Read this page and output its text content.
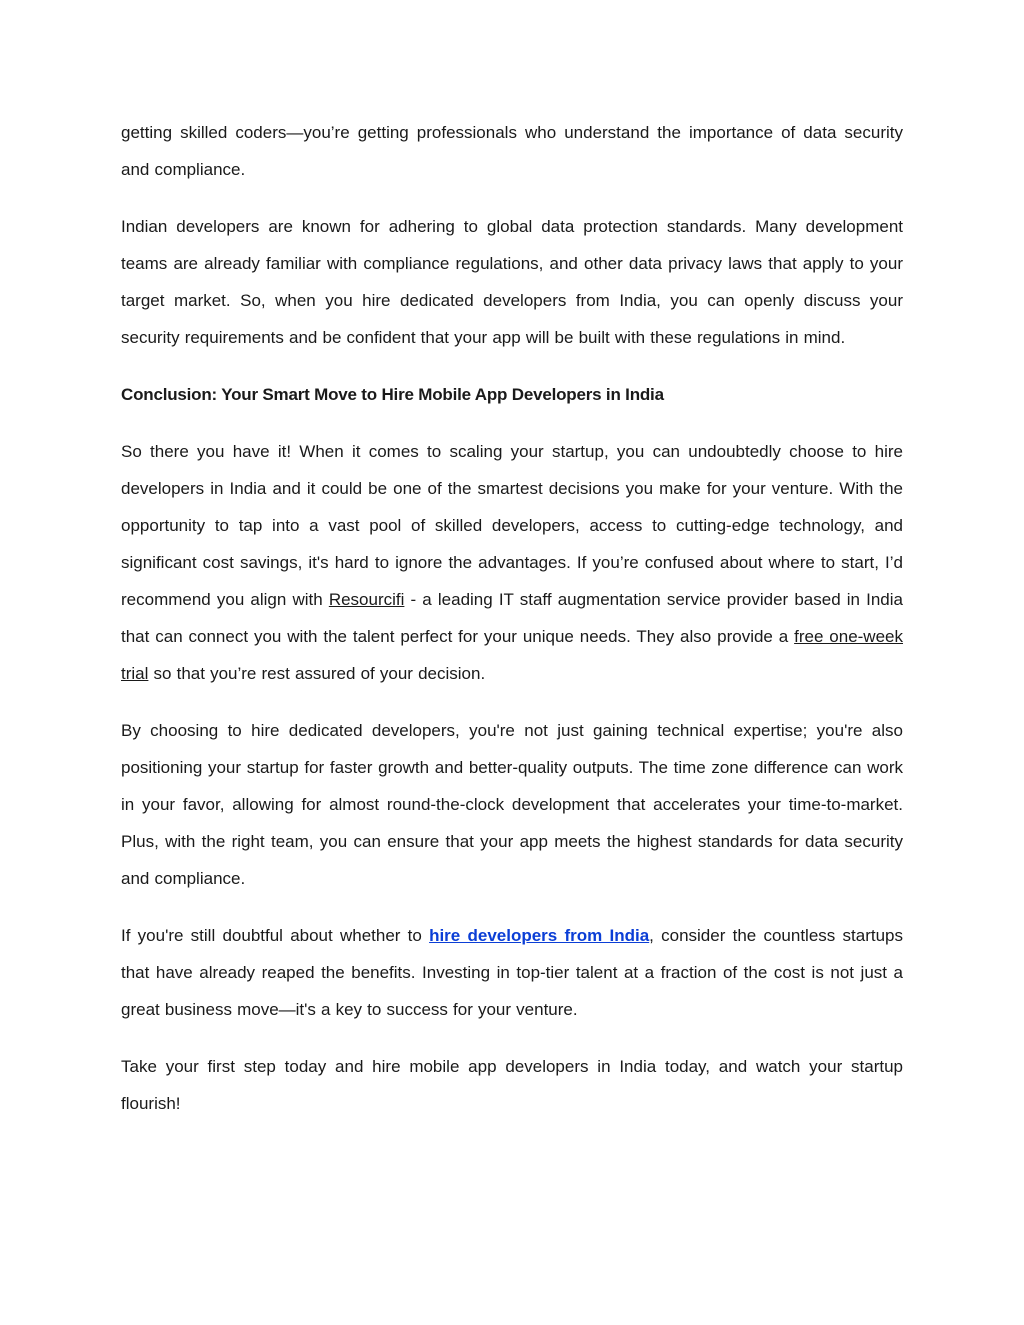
getting skilled coders—you’re getting professionals who understand the importance of data security and compliance.

Indian developers are known for adhering to global data protection standards. Many development teams are already familiar with compliance regulations, and other data privacy laws that apply to your target market. So, when you hire dedicated developers from India, you can openly discuss your security requirements and be confident that your app will be built with these regulations in mind.

Conclusion: Your Smart Move to Hire Mobile App Developers in India

So there you have it! When it comes to scaling your startup, you can undoubtedly choose to hire developers in India and it could be one of the smartest decisions you make for your venture. With the opportunity to tap into a vast pool of skilled developers, access to cutting-edge technology, and significant cost savings, it's hard to ignore the advantages. If you’re confused about where to start, I’d recommend you align with Resourcifi - a leading IT staff augmentation service provider based in India that can connect you with the talent perfect for your unique needs. They also provide a free one-week trial so that you’re rest assured of your decision.

By choosing to hire dedicated developers, you're not just gaining technical expertise; you're also positioning your startup for faster growth and better-quality outputs. The time zone difference can work in your favor, allowing for almost round-the-clock development that accelerates your time-to-market. Plus, with the right team, you can ensure that your app meets the highest standards for data security and compliance.

If you're still doubtful about whether to hire developers from India, consider the countless startups that have already reaped the benefits. Investing in top-tier talent at a fraction of the cost is not just a great business move—it's a key to success for your venture.

Take your first step today and hire mobile app developers in India today, and watch your startup flourish!
